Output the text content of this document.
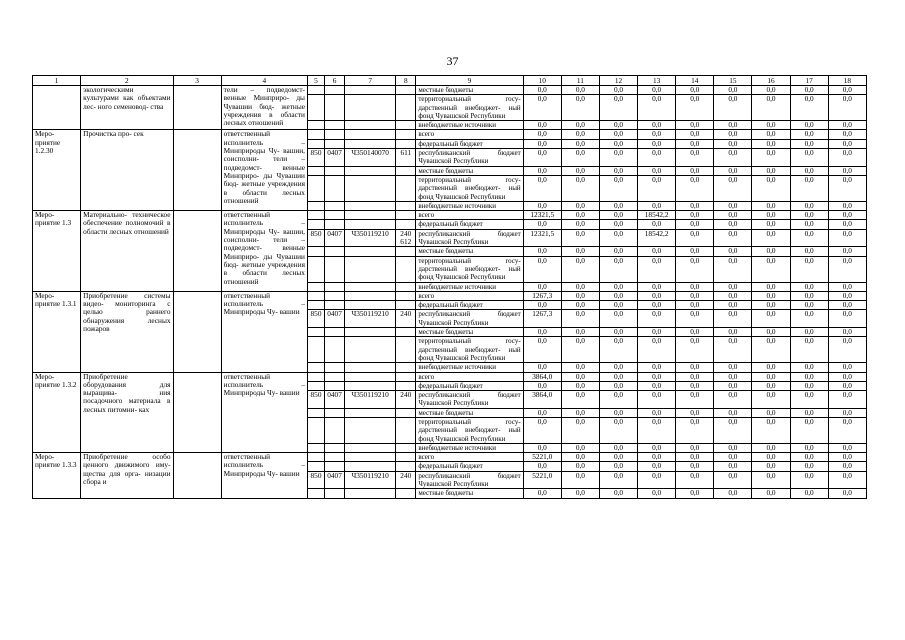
37
1	2	3	4	5	6	7	8	9	10	11	12	13	14	15	16	17	18
	экологическими культурами как объектами лес- ного семеновод- ства		тели – подведомст- венные Минприро- ды Чувашии бюд- жетные учреждения в области лесных отношений					местные бюджеты	0,0	0,0	0,0	0,0	0,0	0,0	0,0	0,0	0,0
								территориальный госу- дарственный внебюджет- ный фонд Чувашской Республики	0,0	0,0	0,0	0,0	0,0	0,0	0,0	0,0	0,0
								внебюджетные источники	0,0	0,0	0,0	0,0	0,0	0,0	0,0	0,0	0,0
Меро- приятие 1.2.30	Прочистка про- сек		ответственный исполнитель – Минприроды Чу- вашии, соисполни- тели – подведомст- венные Минприро- ды Чувашии бюд- жетные учреждения в области лесных отношений					всего	0,0	0,0	0,0	0,0	0,0	0,0	0,0	0,0	0,0
								федеральный бюджет	0,0	0,0	0,0	0,0	0,0	0,0	0,0	0,0	0,0
				850	0407	Ч350140070	611	республиканский бюджет Чувашской Республики	0,0	0,0	0,0	0,0	0,0	0,0	0,0	0,0	0,0
								местные бюджеты	0,0	0,0	0,0	0,0	0,0	0,0	0,0	0,0	0,0
								территориальный госу- дарственный внебюджет- ный фонд Чувашской Республики	0,0	0,0	0,0	0,0	0,0	0,0	0,0	0,0	0,0
								внебюджетные источники	0,0	0,0	0,0	0,0	0,0	0,0	0,0	0,0	0,0
Меро- приятие 1.3	Материально- техническое обеспечение полномочий в области лесных отношений		ответственный исполнитель – Минприроды Чу- вашии, соисполни- тели – подведомст- венные Минприро- ды Чувашии бюд- жетные учреждения в области лесных отношений					всего	12321,5	0,0	0,0	18542,2	0,0	0,0	0,0	0,0	0,0
								федеральный бюджет	0,0	0,0	0,0	0,0	0,0	0,0	0,0	0,0	0,0
				850	0407	Ч350119210	240 612	республиканский бюджет Чувашской Республики	12321,5	0,0	0,0	18542,2	0,0	0,0	0,0	0,0	0,0
								местные бюджеты	0,0	0,0	0,0	0,0	0,0	0,0	0,0	0,0	0,0
								территориальный госу- дарственный внебюджет- ный фонд Чувашской Республики	0,0	0,0	0,0	0,0	0,0	0,0	0,0	0,0	0,0
								внебюджетные источники	0,0	0,0	0,0	0,0	0,0	0,0	0,0	0,0	0,0
Меро- приятие 1.3.1	Приобретение системы видео- мониторинга с целью раннего обнаружения лесных пожаров		ответственный исполнитель – Минприроды Чу- вашии					всего	1267,3	0,0	0,0	0,0	0,0	0,0	0,0	0,0	0,0
								федеральный бюджет	0,0	0,0	0,0	0,0	0,0	0,0	0,0	0,0	0,0
				850	0407	Ч350119210	240	республиканский бюджет Чувашской Республики	1267,3	0,0	0,0	0,0	0,0	0,0	0,0	0,0	0,0
								местные бюджеты	0,0	0,0	0,0	0,0	0,0	0,0	0,0	0,0	0,0
								территориальный госу- дарственный внебюджет- ный фонд Чувашской Республики	0,0	0,0	0,0	0,0	0,0	0,0	0,0	0,0	0,0
								внебюджетные источники	0,0	0,0	0,0	0,0	0,0	0,0	0,0	0,0	0,0
Меро- приятие 1.3.2	Приобретение оборудования для выращива- ния посадочного материала в лесных питомни- ках		ответственный исполнитель – Минприроды Чу- вашии					всего	3864,0	0,0	0,0	0,0	0,0	0,0	0,0	0,0	0,0
								федеральный бюджет	0,0	0,0	0,0	0,0	0,0	0,0	0,0	0,0	0,0
				850	0407	Ч350119210	240	республиканский бюджет Чувашской Республики	3864,0	0,0	0,0	0,0	0,0	0,0	0,0	0,0	0,0
								местные бюджеты	0,0	0,0	0,0	0,0	0,0	0,0	0,0	0,0	0,0
								территориальный госу- дарственный внебюджет- ный фонд Чувашской Республики	0,0	0,0	0,0	0,0	0,0	0,0	0,0	0,0	0,0
								внебюджетные источники	0,0	0,0	0,0	0,0	0,0	0,0	0,0	0,0	0,0
Меро- приятие 1.3.3	Приобретение особо ценного движимого иму- щества для орга- низации сбора и		ответственный исполнитель – Минприроды Чу- вашии					всего	5221,0	0,0	0,0	0,0	0,0	0,0	0,0	0,0	0,0
								федеральный бюджет	0,0	0,0	0,0	0,0	0,0	0,0	0,0	0,0	0,0
				850	0407	Ч350119210	240	республиканский бюджет Чувашской Республики	5221,0	0,0	0,0	0,0	0,0	0,0	0,0	0,0	0,0
								местные бюджеты	0,0	0,0	0,0	0,0	0,0	0,0	0,0	0,0	0,0
